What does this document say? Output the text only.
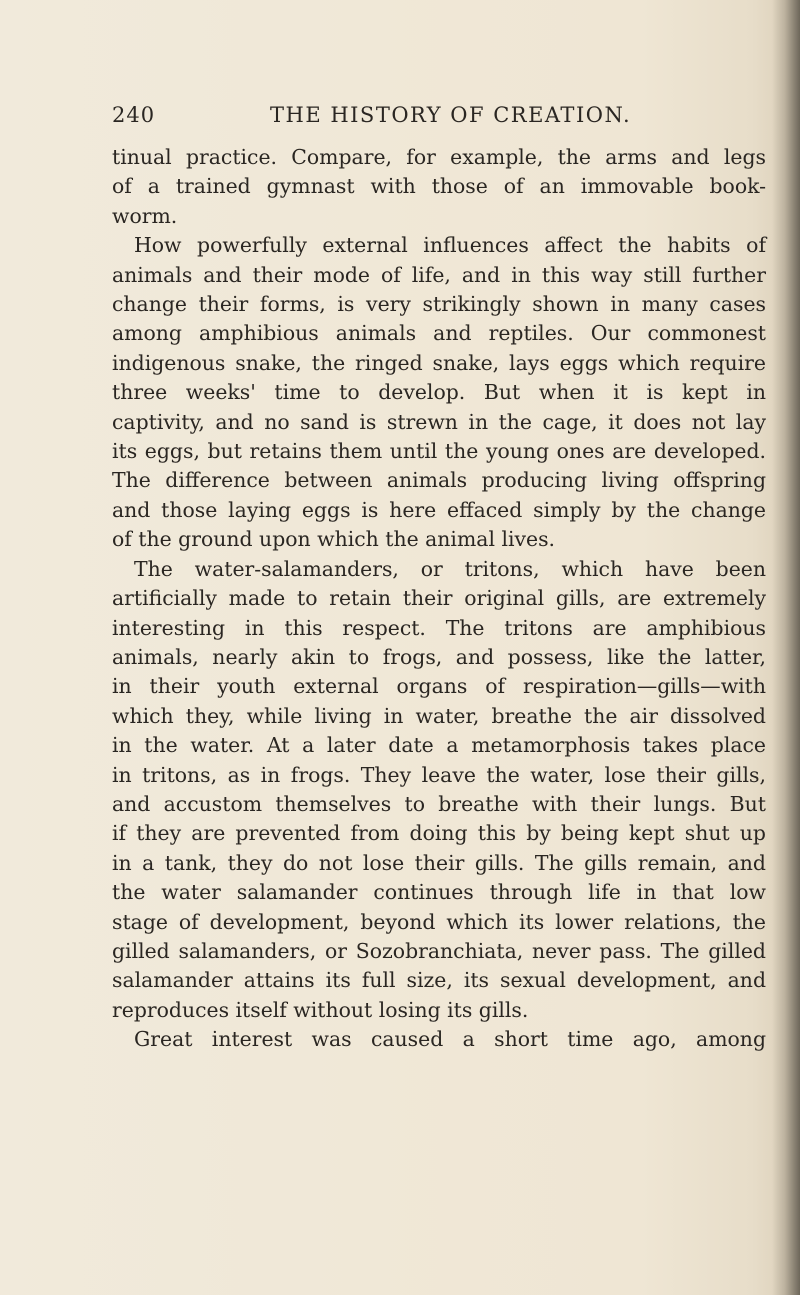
240	THE HISTORY OF CREATION.
tinual practice. Compare, for example, the arms and legs
of a trained gymnast with those of an immovable book-
worm.
How powerfully external influences affect the habits of
animals and their mode of life, and in this way still further
change their forms, is very strikingly shown in many cases
among amphibious animals and reptiles. Our commonest
indigenous snake, the ringed snake, lays eggs which require
three weeks' time to develop. But when it is kept in
captivity, and no sand is strewn in the cage, it does not lay
its eggs, but retains them until the young ones are developed.
The difference between animals producing living offspring
and those laying eggs is here effaced simply by the change
of the ground upon which the animal lives.
The water-salamanders, or tritons, which have been
artificially made to retain their original gills, are extremely
interesting in this respect. The tritons are amphibious
animals, nearly akin to frogs, and possess, like the latter,
in their youth external organs of respiration—gills—with
which they, while living in water, breathe the air dissolved
in the water. At a later date a metamorphosis takes place
in tritons, as in frogs. They leave the water, lose their gills,
and accustom themselves to breathe with their lungs. But
if they are prevented from doing this by being kept shut up
in a tank, they do not lose their gills. The gills remain, and
the water salamander continues through life in that low
stage of development, beyond which its lower relations, the
gilled salamanders, or Sozobranchiata, never pass. The gilled
salamander attains its full size, its sexual development, and
reproduces itself without losing its gills.
Great interest was caused a short time ago, among
